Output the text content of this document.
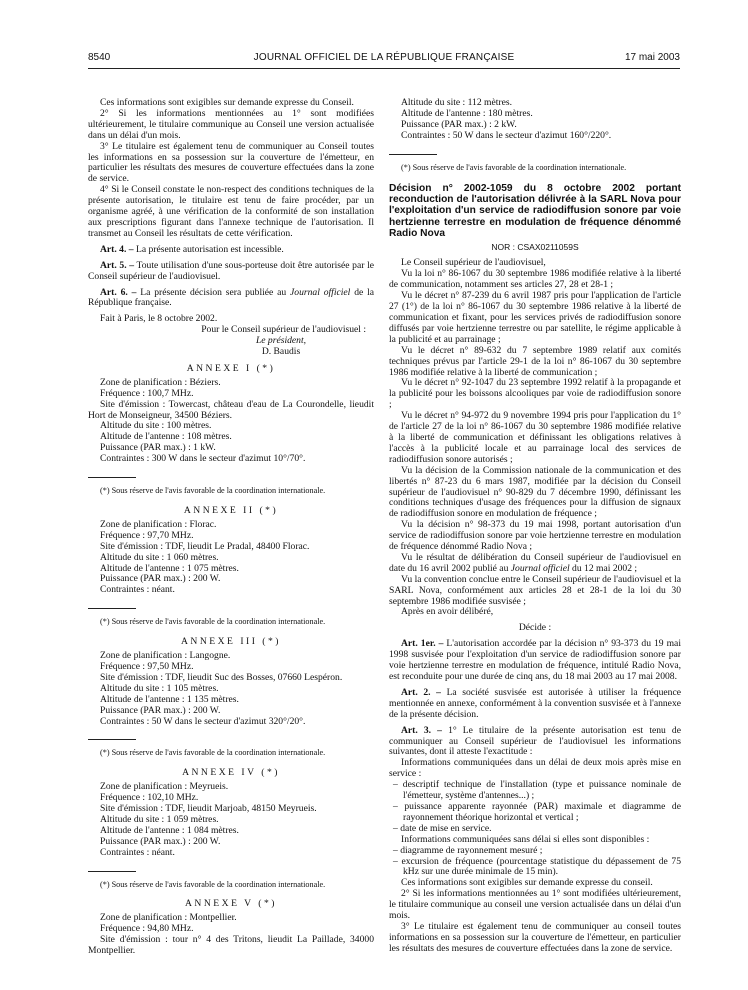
8540	JOURNAL OFFICIEL DE LA RÉPUBLIQUE FRANÇAISE	17 mai 2003

Ces informations sont exigibles sur demande expresse du Conseil.

2° Si les informations mentionnées au 1° sont modifiées ultérieurement, le titulaire communique au Conseil une version actualisée dans un délai d'un mois.

3° Le titulaire est également tenu de communiquer au Conseil toutes les informations en sa possession sur la couverture de l'émetteur, en particulier les résultats des mesures de couverture effectuées dans la zone de service.

4° Si le Conseil constate le non-respect des conditions techniques de la présente autorisation, le titulaire est tenu de faire procéder, par un organisme agréé, à une vérification de la conformité de son installation aux prescriptions figurant dans l'annexe technique de l'autorisation. Il transmet au Conseil les résultats de cette vérification.

Art. 4. – La présente autorisation est incessible.

Art. 5. – Toute utilisation d'une sous-porteuse doit être autorisée par le Conseil supérieur de l'audiovisuel.

Art. 6. – La présente décision sera publiée au Journal officiel de la République française.

Fait à Paris, le 8 octobre 2002.

Pour le Conseil supérieur de l'audiovisuel :

Le président,

D. Baudis

ANNEXE I (*)

Zone de planification : Béziers.

Fréquence : 100,7 MHz.

Site d'émission : Towercast, château d'eau de La Courondelle, lieudit Hort de Monseigneur, 34500 Béziers.

Altitude du site : 100 mètres.

Altitude de l'antenne : 108 mètres.

Puissance (PAR max.) : 1 kW.

Contraintes : 300 W dans le secteur d'azimut 10°/70°.

(*) Sous réserve de l'avis favorable de la coordination internationale.

ANNEXE II (*)

Zone de planification : Florac.

Fréquence : 97,70 MHz.

Site d'émission : TDF, lieudit Le Pradal, 48400 Florac.

Altitude du site : 1 060 mètres.

Altitude de l'antenne : 1 075 mètres.

Puissance (PAR max.) : 200 W.

Contraintes : néant.

(*) Sous réserve de l'avis favorable de la coordination internationale.

ANNEXE III (*)

Zone de planification : Langogne.

Fréquence : 97,50 MHz.

Site d'émission : TDF, lieudit Suc des Bosses, 07660 Lespéron.

Altitude du site : 1 105 mètres.

Altitude de l'antenne : 1 135 mètres.

Puissance (PAR max.) : 200 W.

Contraintes : 50 W dans le secteur d'azimut 320°/20°.

(*) Sous réserve de l'avis favorable de la coordination internationale.

ANNEXE IV (*)

Zone de planification : Meyrueis.

Fréquence : 102,10 MHz.

Site d'émission : TDF, lieudit Marjoab, 48150 Meyrueis.

Altitude du site : 1 059 mètres.

Altitude de l'antenne : 1 084 mètres.

Puissance (PAR max.) : 200 W.

Contraintes : néant.

(*) Sous réserve de l'avis favorable de la coordination internationale.

ANNEXE V (*)

Zone de planification : Montpellier.

Fréquence : 94,80 MHz.

Site d'émission : tour n° 4 des Tritons, lieudit La Paillade, 34000 Montpellier.

Altitude du site : 112 mètres.

Altitude de l'antenne : 180 mètres.

Puissance (PAR max.) : 2 kW.

Contraintes : 50 W dans le secteur d'azimut 160°/220°.

(*) Sous réserve de l'avis favorable de la coordination internationale.

Décision n° 2002-1059 du 8 octobre 2002 portant reconduction de l'autorisation délivrée à la SARL Nova pour l'exploitation d'un service de radiodiffusion sonore par voie hertzienne terrestre en modulation de fréquence dénommé Radio Nova

NOR : CSAX0211059S

Le Conseil supérieur de l'audiovisuel,

Vu la loi n° 86-1067 du 30 septembre 1986 modifiée relative à la liberté de communication, notamment ses articles 27, 28 et 28-1 ;

Vu le décret n° 87-239 du 6 avril 1987 pris pour l'application de l'article 27 (1°) de la loi n° 86-1067 du 30 septembre 1986 relative à la liberté de communication et fixant, pour les services privés de radiodiffusion sonore diffusés par voie hertzienne terrestre ou par satellite, le régime applicable à la publicité et au parrainage ;

Vu le décret n° 89-632 du 7 septembre 1989 relatif aux comités techniques prévus par l'article 29-1 de la loi n° 86-1067 du 30 septembre 1986 modifiée relative à la liberté de communication ;

Vu le décret n° 92-1047 du 23 septembre 1992 relatif à la propagande et la publicité pour les boissons alcooliques par voie de radiodiffusion sonore ;

Vu le décret n° 94-972 du 9 novembre 1994 pris pour l'application du 1° de l'article 27 de la loi n° 86-1067 du 30 septembre 1986 modifiée relative à la liberté de communication et définissant les obligations relatives à l'accès à la publicité locale et au parrainage local des services de radiodiffusion sonore autorisés ;

Vu la décision de la Commission nationale de la communication et des libertés n° 87-23 du 6 mars 1987, modifiée par la décision du Conseil supérieur de l'audiovisuel n° 90-829 du 7 décembre 1990, définissant les conditions techniques d'usage des fréquences pour la diffusion de signaux de radiodiffusion sonore en modulation de fréquence ;

Vu la décision n° 98-373 du 19 mai 1998, portant autorisation d'un service de radiodiffusion sonore par voie hertzienne terrestre en modulation de fréquence dénommé Radio Nova ;

Vu le résultat de délibération du Conseil supérieur de l'audiovisuel en date du 16 avril 2002 publié au Journal officiel du 12 mai 2002 ;

Vu la convention conclue entre le Conseil supérieur de l'audiovisuel et la SARL Nova, conformément aux articles 28 et 28-1 de la loi du 30 septembre 1986 modifiée susvisée ;

Après en avoir délibéré,

Décide :

Art. 1er. – L'autorisation accordée par la décision n° 93-373 du 19 mai 1998 susvisée pour l'exploitation d'un service de radiodiffusion sonore par voie hertzienne terrestre en modulation de fréquence, intitulé Radio Nova, est reconduite pour une durée de cinq ans, du 18 mai 2003 au 17 mai 2008.

Art. 2. – La société susvisée est autorisée à utiliser la fréquence mentionnée en annexe, conformément à la convention susvisée et à l'annexe de la présente décision.

Art. 3. – 1° Le titulaire de la présente autorisation est tenu de communiquer au Conseil supérieur de l'audiovisuel les informations suivantes, dont il atteste l'exactitude :

Informations communiquées dans un délai de deux mois après mise en service :

– descriptif technique de l'installation (type et puissance nominale de l'émetteur, système d'antennes...) ;
– puissance apparente rayonnée (PAR) maximale et diagramme de rayonnement théorique horizontal et vertical ;
– date de mise en service.

Informations communiquées sans délai si elles sont disponibles :

– diagramme de rayonnement mesuré ;
– excursion de fréquence (pourcentage statistique du dépassement de 75 kHz sur une durée minimale de 15 min).

Ces informations sont exigibles sur demande expresse du conseil.

2° Si les informations mentionnées au 1° sont modifiées ultérieurement, le titulaire communique au conseil une version actualisée dans un délai d'un mois.

3° Le titulaire est également tenu de communiquer au conseil toutes informations en sa possession sur la couverture de l'émetteur, en particulier les résultats des mesures de couverture effectuées dans la zone de service.
